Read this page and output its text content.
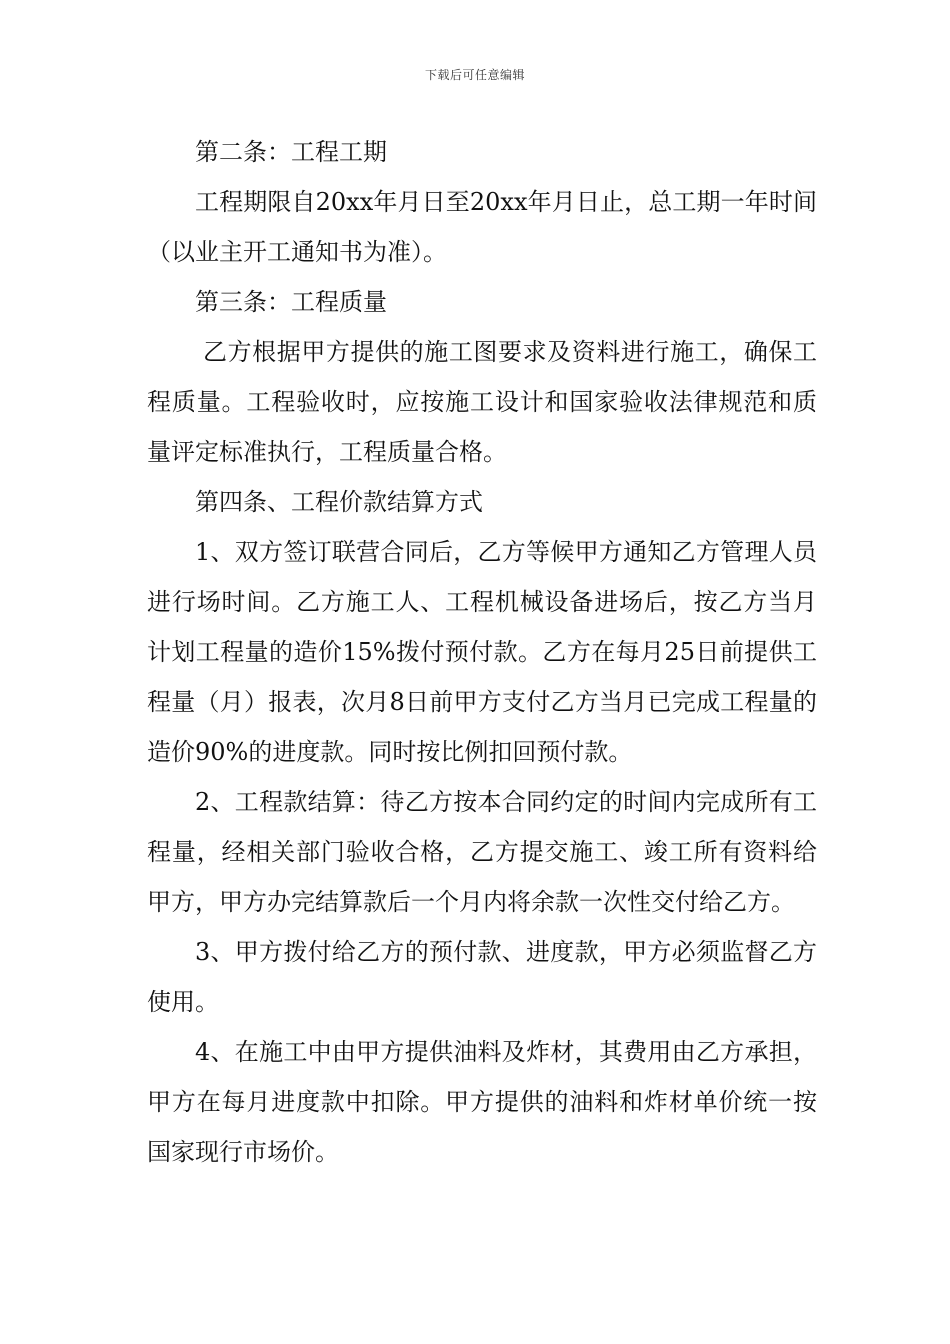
下载后可任意编辑

第二条：工程工期

工程期限自20xx年月日至20xx年月日止，总工期一年时间（以业主开工通知书为准）。

第三条：工程质量

乙方根据甲方提供的施工图要求及资料进行施工，确保工程质量。工程验收时，应按施工设计和国家验收法律规范和质量评定标准执行，工程质量合格。

第四条、工程价款结算方式

1、双方签订联营合同后，乙方等候甲方通知乙方管理人员进行场时间。乙方施工人、工程机械设备进场后，按乙方当月计划工程量的造价15%拨付预付款。乙方在每月25日前提供工程量（月）报表，次月8日前甲方支付乙方当月已完成工程量的造价90%的进度款。同时按比例扣回预付款。

2、工程款结算：待乙方按本合同约定的时间内完成所有工程量，经相关部门验收合格，乙方提交施工、竣工所有资料给甲方，甲方办完结算款后一个月内将余款一次性交付给乙方。

3、甲方拨付给乙方的预付款、进度款，甲方必须监督乙方使用。

4、在施工中由甲方提供油料及炸材，其费用由乙方承担，甲方在每月进度款中扣除。甲方提供的油料和炸材单价统一按国家现行市场价。
